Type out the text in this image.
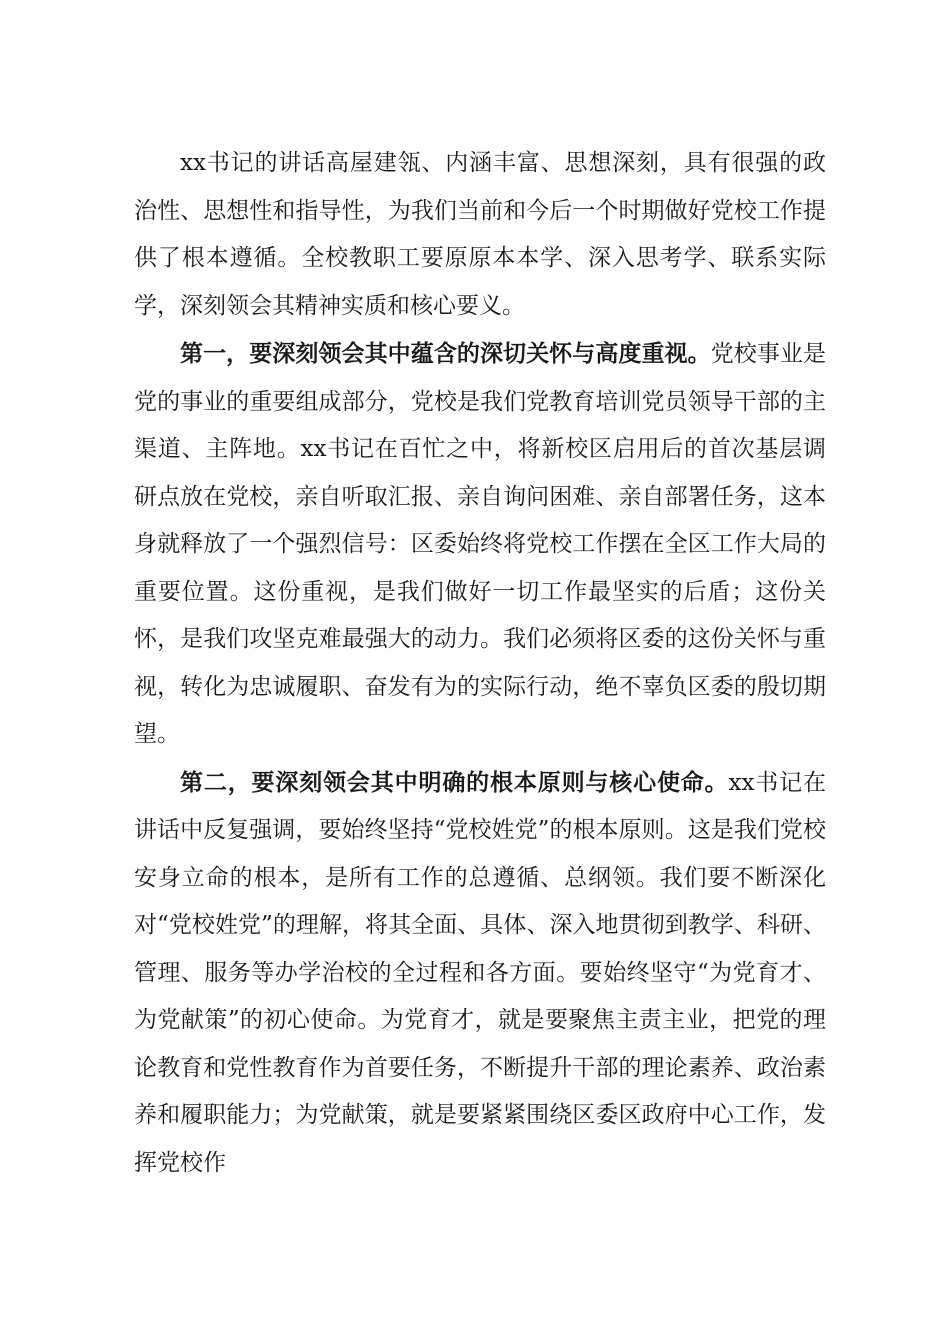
xx书记的讲话高屋建瓴、内涵丰富、思想深刻，具有很强的政治性、思想性和指导性，为我们当前和今后一个时期做好党校工作提供了根本遵循。全校教职工要原原本本学、深入思考学、联系实际学，深刻领会其精神实质和核心要义。

第一，要深刻领会其中蕴含的深切关怀与高度重视。党校事业是党的事业的重要组成部分，党校是我们党教育培训党员领导干部的主渠道、主阵地。xx书记在百忙之中，将新校区启用后的首次基层调研点放在党校，亲自听取汇报、亲自询问困难、亲自部署任务，这本身就释放了一个强烈信号：区委始终将党校工作摆在全区工作大局的重要位置。这份重视，是我们做好一切工作最坚实的后盾；这份关怀，是我们攻坚克难最强大的动力。我们必须将区委的这份关怀与重视，转化为忠诚履职、奋发有为的实际行动，绝不辜负区委的殷切期望。

第二，要深刻领会其中明确的根本原则与核心使命。xx书记在讲话中反复强调，要始终坚持“党校姓党”的根本原则。这是我们党校安身立命的根本，是所有工作的总遵循、总纲领。我们要不断深化对“党校姓党”的理解，将其全面、具体、深入地贯彻到教学、科研、管理、服务等办学治校的全过程和各方面。要始终坚守“为党育才、为党献策”的初心使命。为党育才，就是要聚焦主责主业，把党的理论教育和党性教育作为首要任务，不断提升干部的理论素养、政治素养和履职能力；为党献策，就是要紧紧围绕区委区政府中心工作，发挥党校作
